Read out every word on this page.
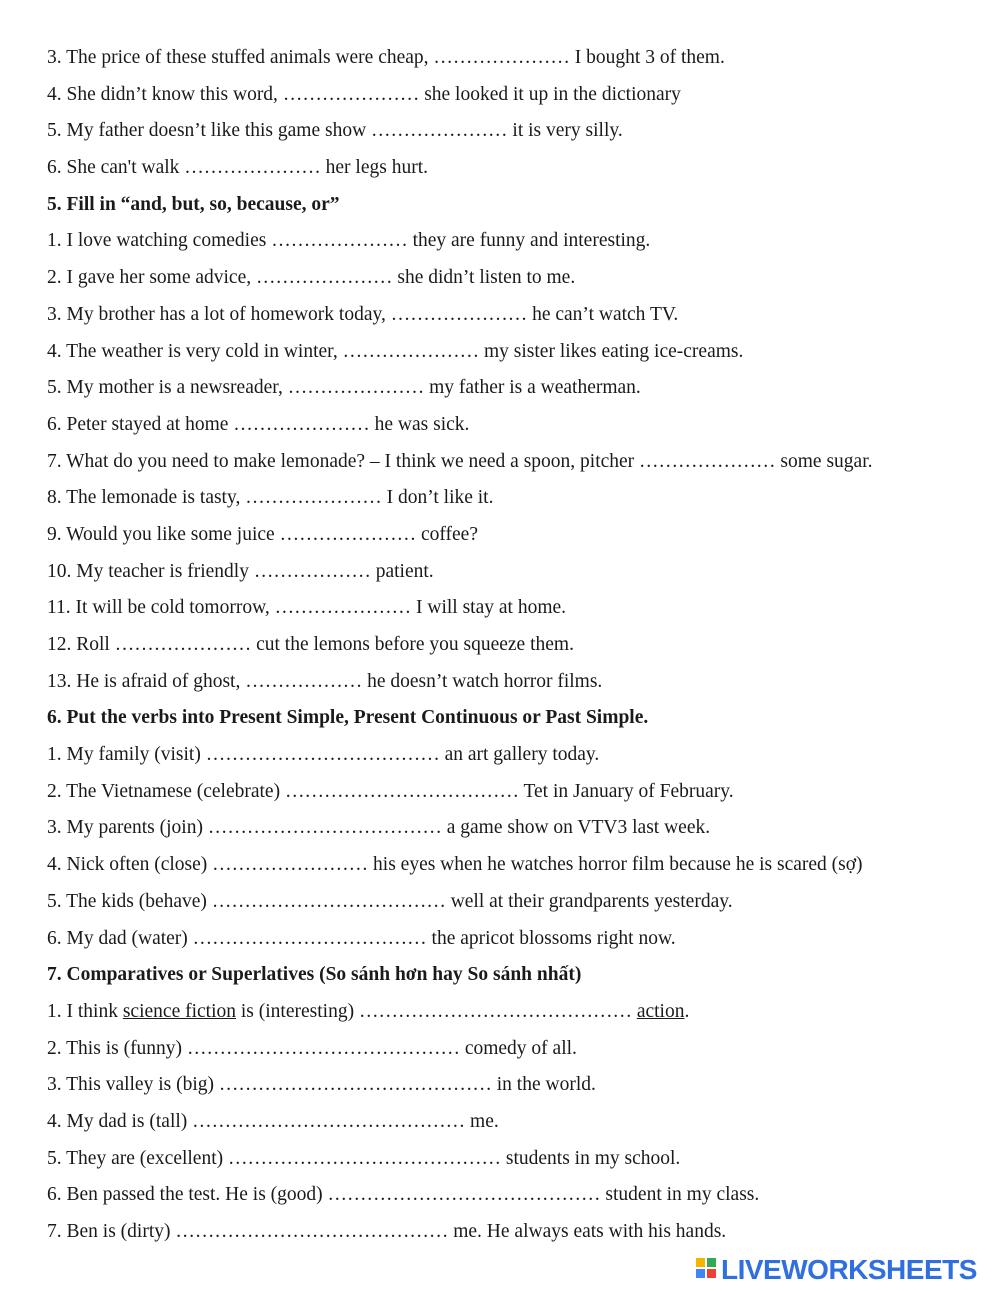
3. The price of these stuffed animals were cheap, ………………… I bought 3 of them.
4. She didn’t know this word, ………………… she looked it up in the dictionary
5. My father doesn’t like this game show ………………… it is very silly.
6. She can't walk ………………… her legs hurt.
5. Fill in “and, but, so, because, or”
1. I love watching comedies ………………… they are funny and interesting.
2. I gave her some advice, ………………… she didn’t listen to me.
3. My brother has a lot of homework today, ………………… he can’t watch TV.
4. The weather is very cold in winter, ………………… my sister likes eating ice-creams.
5. My mother is a newsreader, ………………… my father is a weatherman.
6. Peter stayed at home ………………… he was sick.
7. What do you need to make lemonade? – I think we need a spoon, pitcher ………………… some sugar.
8. The lemonade is tasty, ………………… I don’t like it.
9. Would you like some juice ………………… coffee?
10. My teacher is friendly ……………… patient.
11. It will be cold tomorrow, ………………… I will stay at home.
12. Roll ………………… cut the lemons before you squeeze them.
13. He is afraid of ghost, ……………… he doesn’t watch horror films.
6. Put the verbs into Present Simple, Present Continuous or Past Simple.
1. My family (visit) ……………………………… an art gallery today.
2. The Vietnamese (celebrate) ……………………………… Tet in January of February.
3. My parents (join) ……………………………… a game show on VTV3 last week.
4. Nick often (close) …………………… his eyes when he watches horror film because he is scared (sợ)
5. The kids (behave) ……………………………… well at their grandparents yesterday.
6. My dad (water) ……………………………… the apricot blossoms right now.
7. Comparatives or Superlatives (So sánh hơn hay So sánh nhất)
1. I think science fiction is (interesting) …………………………………… action.
2. This is (funny) …………………………………… comedy of all.
3. This valley is (big) …………………………………… in the world.
4. My dad is (tall) …………………………………… me.
5. They are (excellent) …………………………………… students in my school.
6. Ben passed the test. He is (good) …………………………………… student in my class.
7. Ben is (dirty) …………………………………… me. He always eats with his hands.
LIVEWORKSHEETS
